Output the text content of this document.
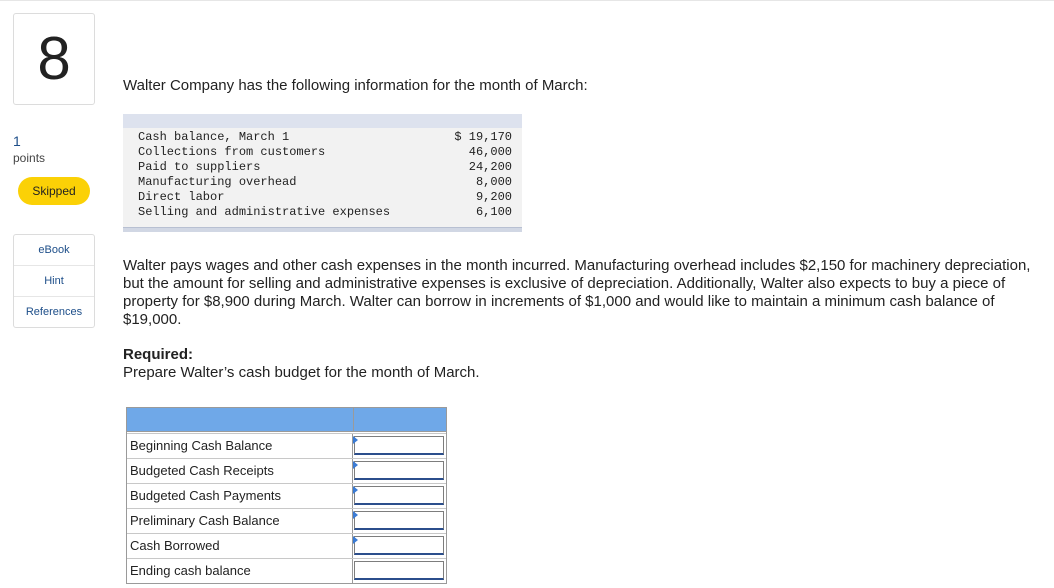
8
1
points
Skipped
eBook
Hint
References
Walter Company has the following information for the month of March:
Cash balance, March 1	$ 19,170
Collections from customers	46,000
Paid to suppliers	24,200
Manufacturing overhead	8,000
Direct labor	9,200
Selling and administrative expenses	6,100
Walter pays wages and other cash expenses in the month incurred. Manufacturing overhead includes $2,150 for machinery depreciation, but the amount for selling and administrative expenses is exclusive of depreciation. Additionally, Walter also expects to buy a piece of property for $8,900 during March. Walter can borrow in increments of $1,000 and would like to maintain a minimum cash balance of $19,000.
Required:
Prepare Walter’s cash budget for the month of March.
Beginning Cash Balance
Budgeted Cash Receipts
Budgeted Cash Payments
Preliminary Cash Balance
Cash Borrowed
Ending cash balance
